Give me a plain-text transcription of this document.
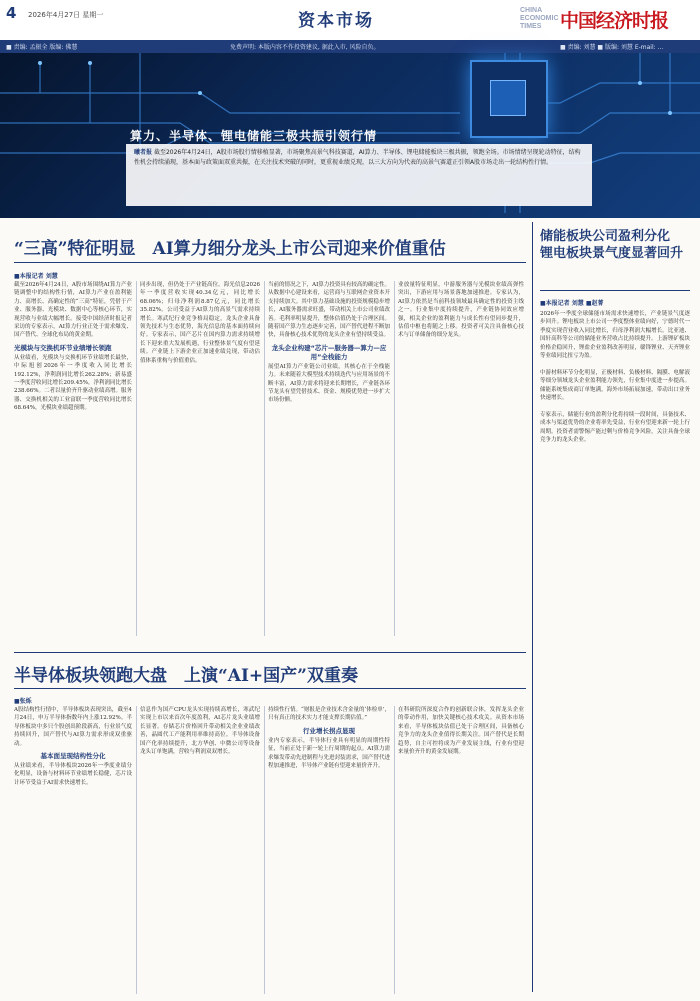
4 2026年4月27日 星期一	资本市场
CHINA ECONOMIC TIMES 中国经济时报
■ 责编: 孟振全 版编: 佛慧	免费声明: 本版内容不作投资建议, 据此入市, 风险自负。	■ 责编: 刘慧 ■ 版编: 刘慧 E-mail: ...
算力、半导体、锂电储能三极共振引领行情
曦者报 截至2026年4月24日，A股市场股行情移植显著，市场聚焦高景气科技赛道，AI算力、半导体、锂电储能板块三极共振，领跑全场。市场情绪呈现轮动特征，结构性机会持续涌现，基本面与政策面双重共振，在关注技术突破的同时，更重视业绩兑现，以三大方向为代表的高景气赛道正引领A股市场走出一轮结构性行情。
“三高”特征明显　AI算力细分龙头上市公司迎来价值重估
■本报记者 刘慧
截至2026年4月24日，A股市场围绕AI算力产业链调整中的结构性行情，AI算力产业在盈利能力、高增长、高确定性的“三高”特征，凭借于产业、服务器、光模块、数据中心等核心环节，实现营收与业绩大幅增长。接受中国经济时报记者采访的专家表示，AI算力行业正处于需求爆发、国产替代、全球化布局的黄金期。
光模块与交换机环节业绩增长领跑
从业绩看，光模块与交换机环节业绩增长最快，中际旭创2026年一季度收入同比增长192.12%，净利润同比增长262.28%；新易盛一季度营收同比增长209.45%，净利润同比增长238.66%。二者以量价齐升驱动业绩高增。服务器、交换机相关的工业富联一季度营收同比增长68.64%，光模块业绩超预期。
同步出现，但仍处于产业链高位。海光信息2026年一季度营收实现40.34亿元，同比增长68.06%；归母净利润8.87亿元，同比增长35.82%。公司受益于AI算力的高景气需求持续增长。寒武纪行业竞争格局稳定，龙头企业具备领先技术与生态优势，海光信息的基本面持续向好。专家表示，国产芯片在国内算力需求持续增长下迎来重大发展机遇，行业整体景气度有望延续。产业链上下游企业正加速业绩兑现，带动估值体系重构与价值重估。
当前的情况之下，AI算力投资具有较高的确定性。从数据中心建设来看，运营商与互联网企业资本开支持续加大。其中算力基础设施的投资规模稳步增长，AI服务器需求旺盛，带动相关上市公司业绩改善。毛利率明显提升，整体估值仍处于合理区间。随着国产算力生态逐步完善，国产替代进程不断加快，具备核心技术优势的龙头企业有望持续受益。
龙头企业构建“芯片—服务器—算力—应用”全栈能力
展望AI算力产业链公司业绩，其核心在于全栈能力。未来随着大模型技术持续迭代与应用场景的不断丰富，AI算力需求将迎来长期增长，产业链各环节龙头有望凭借技术、资金、规模优势进一步扩大市场份额。
业放量特征明显，中游服务器与光模块业绩高弹性突出，下游应用与场景落地加速推进。专家认为，AI算力依然是当前科技领域最具确定性的投资主线之一。行业集中度持续提升，产业链协同效应增强，相关企业的盈利能力与成长性有望同步提升，估值中枢也将随之上移。投资者可关注具备核心技术与订单储备的细分龙头。
储能板块公司盈利分化　锂电板块景气度显著回升
■本报记者 刘慧 ■赵菁
2026年一季度全球储能市场需求快速增长，产业链景气度逐步回升。锂电板块上市公司一季度整体业绩向好，宁德时代一季度实现营业收入同比增长，归母净利润大幅增长。比亚迪、国轩高科等公司的储能业务营收占比持续提升。上游锂矿板块价格企稳回升，锂盐企业盈利改善明显，赣锋锂业、天齐锂业等业绩同比扭亏为盈。

中游材料环节分化明显，正极材料、负极材料、隔膜、电解液等细分领域龙头企业盈利能力领先，行业集中度进一步提高。储能系统集成商订单饱满，海外市场拓展加速，带动出口业务快速增长。

专家表示，储能行业的盈利分化将持续一段时间，具备技术、成本与渠道优势的企业将率先受益，行业有望迎来新一轮上行周期。投资者需警惕产能过剩与价格竞争风险，关注具备全球竞争力的龙头企业。
半导体板块领跑大盘　上演“AI+国产”双重奏
■张烁
A股结构性行情中，半导体板块表现突出，截至4月24日，申万半导体指数年内上涨12.92%。半导体板块中多只个股创出阶段新高，行业景气度持续回升，国产替代与AI算力需求形成双重驱动。
基本面呈现结构性分化
从业绩来看，半导体板块2026年一季度业绩分化明显，设备与材料环节业绩增长稳健，芯片设计环节受益于AI需求快速增长。
信息作为国产CPU龙头实现持续高增长，寒武纪实现上市以来首次年度盈利，AI芯片龙头业绩增长显著。存储芯片价格回升带动相关企业业绩改善，晶圆代工产能利用率维持高位。半导体设备国产化率持续提升，北方华创、中微公司等设备龙头订单饱满，营收与利润双双增长。
持续性行情。“财报是企业技术含金量的‘体检单’，只有真正的技术实力才能支撑长期估值。”
行业增长拐点显现
业内专家表示，半导体行业具有明显的周期性特征，当前正处于新一轮上行周期的起点。AI算力需求爆发带动先进制程与先进封装需求，国产替代进程加速推进，半导体产业链有望迎来量价齐升。
在科研院所深度合作的创新联合体，发挥龙头企业的带动作用，加快关键核心技术攻关。从资本市场来看，半导体板块估值已处于合理区间，具备核心竞争力的龙头企业值得长期关注。国产替代是长期趋势，自主可控将成为产业发展主线，行业有望迎来量价齐升的黄金发展期。
